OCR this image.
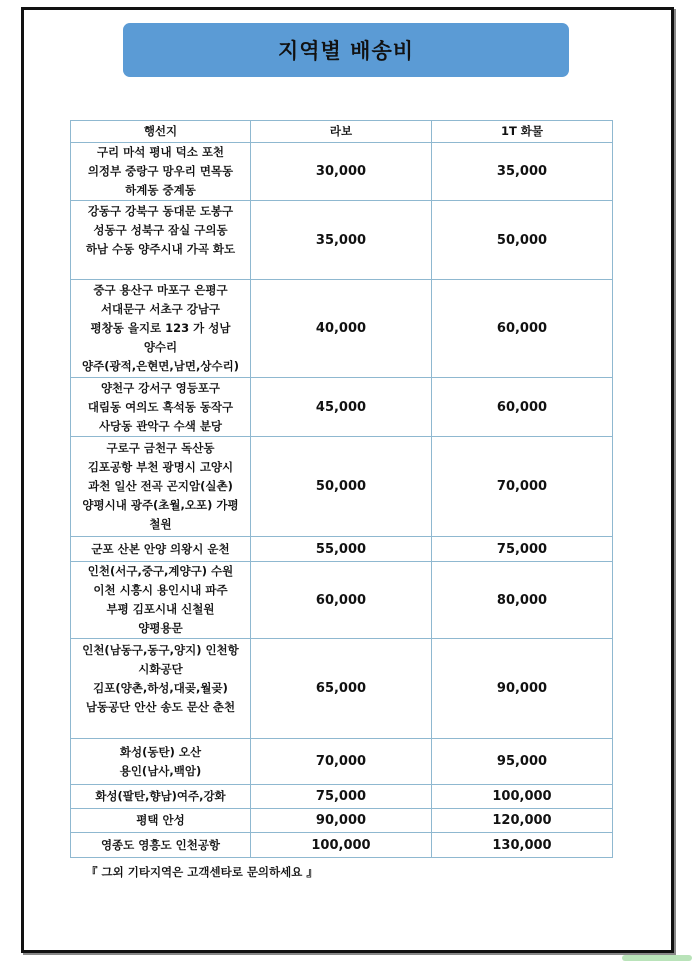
지역별 배송비
행선지	라보	1T 화물

구리 마석 평내 덕소 포천
의정부 중랑구 망우리 면목동
하계동 중계동	30,000	35,000

강동구 강북구 동대문 도봉구
성동구 성북구 잠실 구의동
하남 수동 양주시내 가곡 화도	35,000	50,000

중구 용산구 마포구 은평구
서대문구 서초구 강남구
평창동 을지로 123 가 성남
양수리
양주(광적,은현면,남면,상수리)	40,000	60,000

양천구 강서구 영등포구
대림동 여의도 흑석동 동작구
사당동 관악구 수색 분당	45,000	60,000

구로구 금천구 독산동
김포공항 부천 광명시 고양시
과천 일산 전곡 곤지암(실촌)
양평시내 광주(초월,오포) 가평
철원	50,000	70,000

군포 산본 안양 의왕시 운천	55,000	75,000

인천(서구,중구,계양구) 수원
이천 시흥시 용인시내 파주
부평 김포시내 신철원
양평용문	60,000	80,000

인천(남동구,동구,양지) 인천항
시화공단
김포(양촌,하성,대곶,월곶)
남동공단 안산 송도 문산 춘천	65,000	90,000

화성(동탄) 오산
용인(남사,백암)	70,000	95,000

화성(팔탄,향남)여주,강화	75,000	100,000

평택 안성	90,000	120,000

영종도 영흥도 인천공항	100,000	130,000
『 그외 기타지역은 고객센타로 문의하세요 』
